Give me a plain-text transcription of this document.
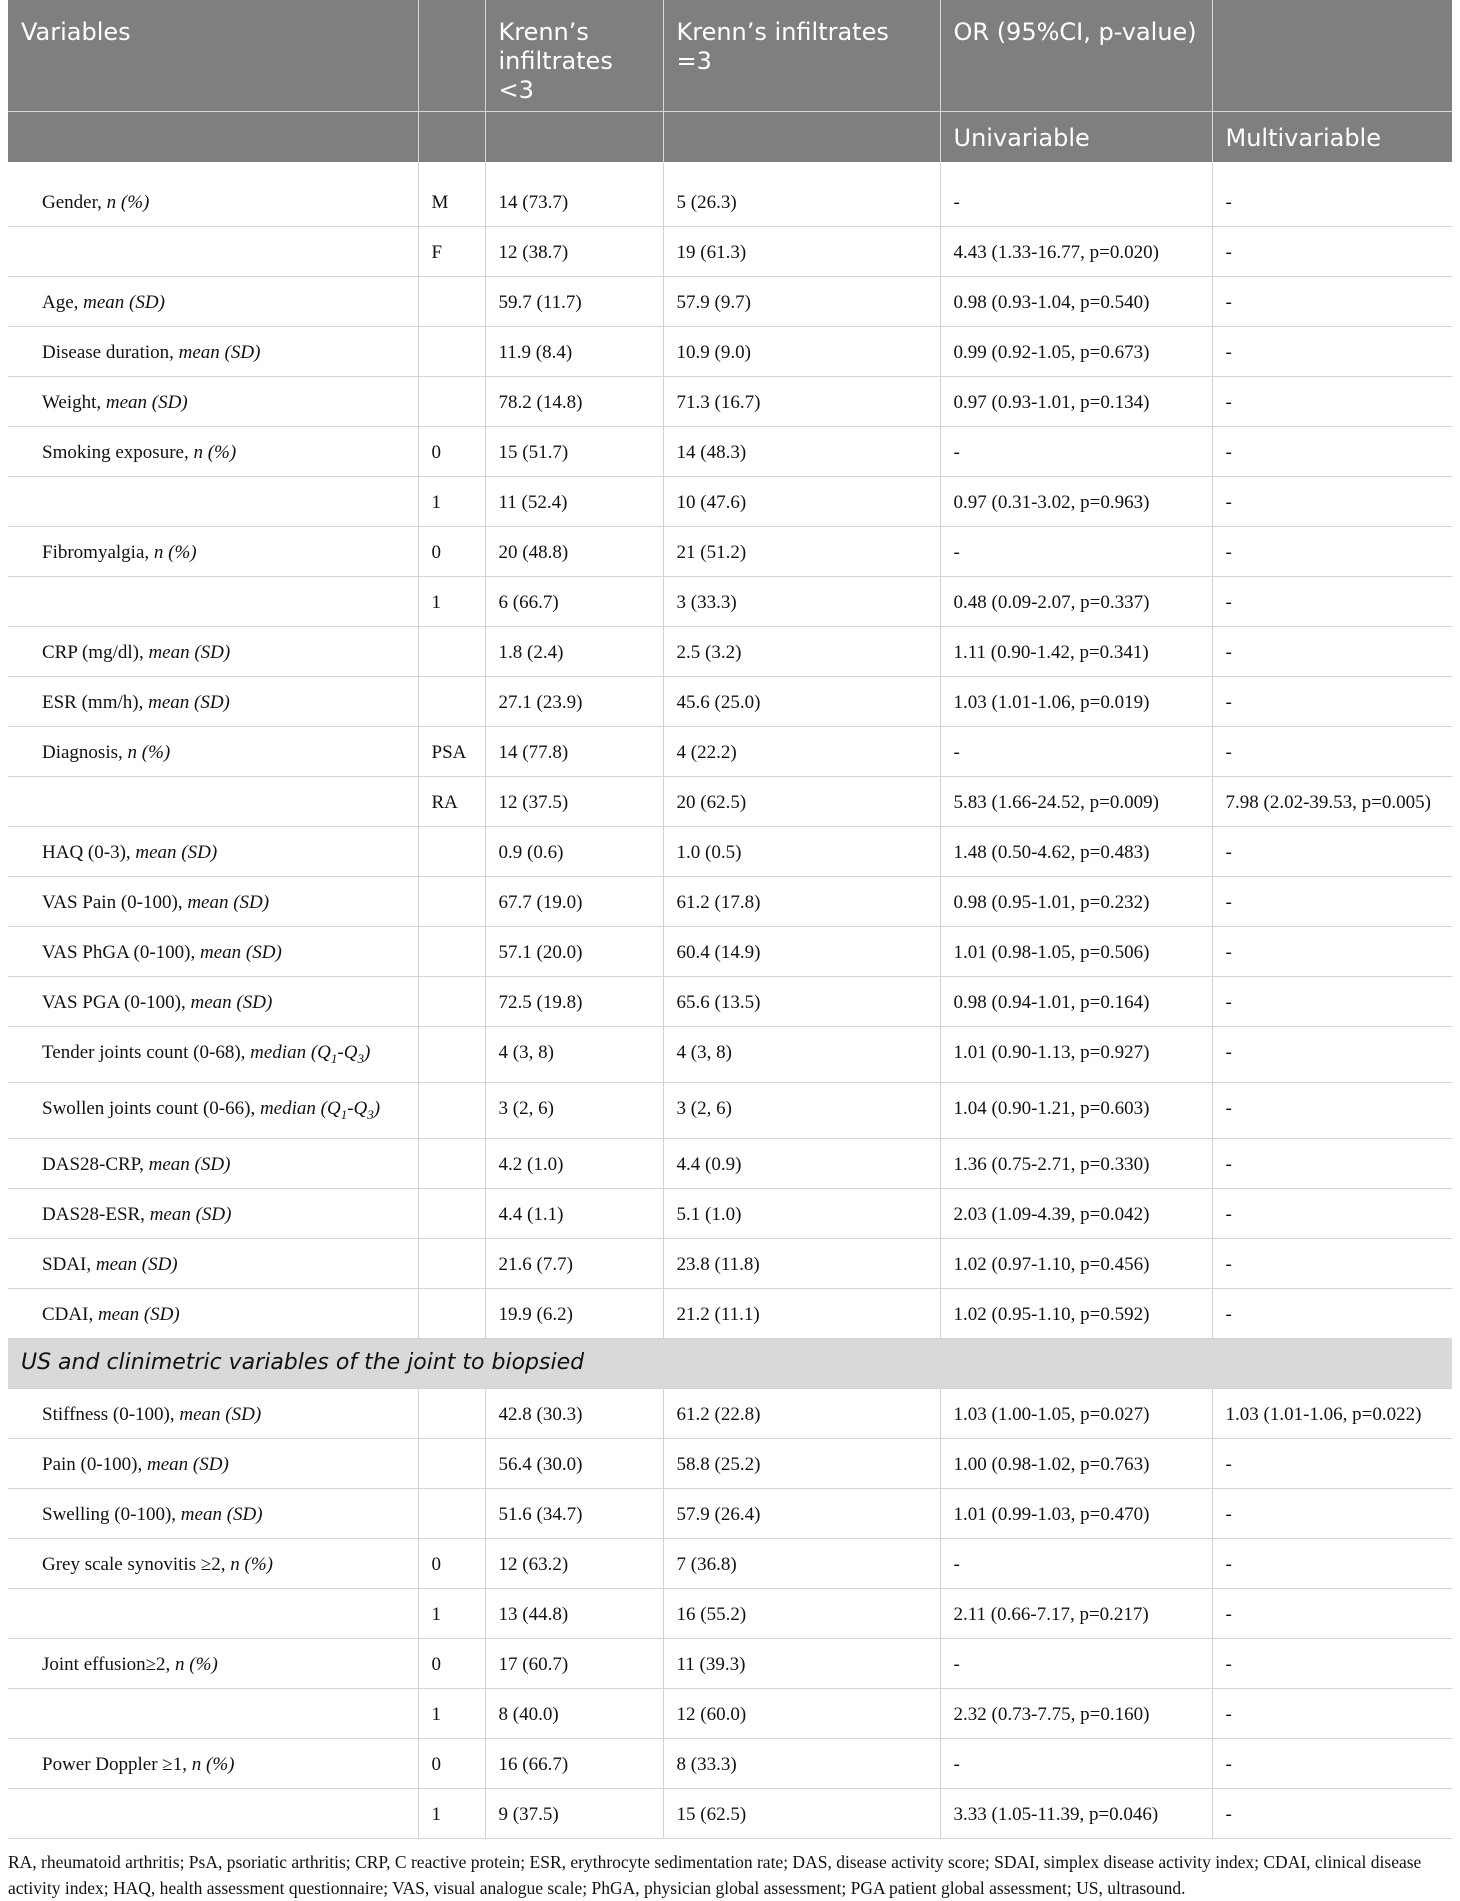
Variables		Krenn’s infiltrates <3	Krenn’s infiltrates =3	OR (95%CI, p-value)	
				Univariable	Multivariable
Gender, n (%)	M	14 (73.7)	5 (26.3)	-	-
	F	12 (38.7)	19 (61.3)	4.43 (1.33-16.77, p=0.020)	-
Age, mean (SD)		59.7 (11.7)	57.9 (9.7)	0.98 (0.93-1.04, p=0.540)	-
Disease duration, mean (SD)		11.9 (8.4)	10.9 (9.0)	0.99 (0.92-1.05, p=0.673)	-
Weight, mean (SD)		78.2 (14.8)	71.3 (16.7)	0.97 (0.93-1.01, p=0.134)	-
Smoking exposure, n (%)	0	15 (51.7)	14 (48.3)	-	-
	1	11 (52.4)	10 (47.6)	0.97 (0.31-3.02, p=0.963)	-
Fibromyalgia, n (%)	0	20 (48.8)	21 (51.2)	-	-
	1	6 (66.7)	3 (33.3)	0.48 (0.09-2.07, p=0.337)	-
CRP (mg/dl), mean (SD)		1.8 (2.4)	2.5 (3.2)	1.11 (0.90-1.42, p=0.341)	-
ESR (mm/h), mean (SD)		27.1 (23.9)	45.6 (25.0)	1.03 (1.01-1.06, p=0.019)	-
Diagnosis, n (%)	PSA	14 (77.8)	4 (22.2)	-	-
	RA	12 (37.5)	20 (62.5)	5.83 (1.66-24.52, p=0.009)	7.98 (2.02-39.53, p=0.005)
HAQ (0-3), mean (SD)		0.9 (0.6)	1.0 (0.5)	1.48 (0.50-4.62, p=0.483)	-
VAS Pain (0-100), mean (SD)		67.7 (19.0)	61.2 (17.8)	0.98 (0.95-1.01, p=0.232)	-
VAS PhGA (0-100), mean (SD)		57.1 (20.0)	60.4 (14.9)	1.01 (0.98-1.05, p=0.506)	-
VAS PGA (0-100), mean (SD)		72.5 (19.8)	65.6 (13.5)	0.98 (0.94-1.01, p=0.164)	-
Tender joints count (0-68), median $(Q_1-Q_3)$		4 (3, 8)	4 (3, 8)	1.01 (0.90-1.13, p=0.927)	-
Swollen joints count (0-66), median $(Q_1-Q_3)$		3 (2, 6)	3 (2, 6)	1.04 (0.90-1.21, p=0.603)	-
DAS28-CRP, mean (SD)		4.2 (1.0)	4.4 (0.9)	1.36 (0.75-2.71, p=0.330)	-
DAS28-ESR, mean (SD)		4.4 (1.1)	5.1 (1.0)	2.03 (1.09-4.39, p=0.042)	-
SDAI, mean (SD)		21.6 (7.7)	23.8 (11.8)	1.02 (0.97-1.10, p=0.456)	-
CDAI, mean (SD)		19.9 (6.2)	21.2 (11.1)	1.02 (0.95-1.10, p=0.592)	-
US and clinimetric variables of the joint to biopsied					
Stiffness (0-100), mean (SD)		42.8 (30.3)	61.2 (22.8)	1.03 (1.00-1.05, p=0.027)	1.03 (1.01-1.06, p=0.022)
Pain (0-100), mean (SD)		56.4 (30.0)	58.8 (25.2)	1.00 (0.98-1.02, p=0.763)	-
Swelling (0-100), mean (SD)		51.6 (34.7)	57.9 (26.4)	1.01 (0.99-1.03, p=0.470)	-
Grey scale synovitis ≥2, n (%)	0	12 (63.2)	7 (36.8)	-	-
	1	13 (44.8)	16 (55.2)	2.11 (0.66-7.17, p=0.217)	-
Joint effusion≥2, n (%)	0	17 (60.7)	11 (39.3)	-	-
	1	8 (40.0)	12 (60.0)	2.32 (0.73-7.75, p=0.160)	-
Power Doppler ≥1, n (%)	0	16 (66.7)	8 (33.3)	-	-
	1	9 (37.5)	15 (62.5)	3.33 (1.05-11.39, p=0.046)	-
RA, rheumatoid arthritis; PsA, psoriatic arthritis; CRP, C reactive protein; ESR, erythrocyte sedimentation rate; DAS, disease activity score; SDAI, simplex disease activity index; CDAI, clinical disease activity index; HAQ, health assessment questionnaire; VAS, visual analogue scale; PhGA, physician global assessment; PGA patient global assessment; US, ultrasound.
